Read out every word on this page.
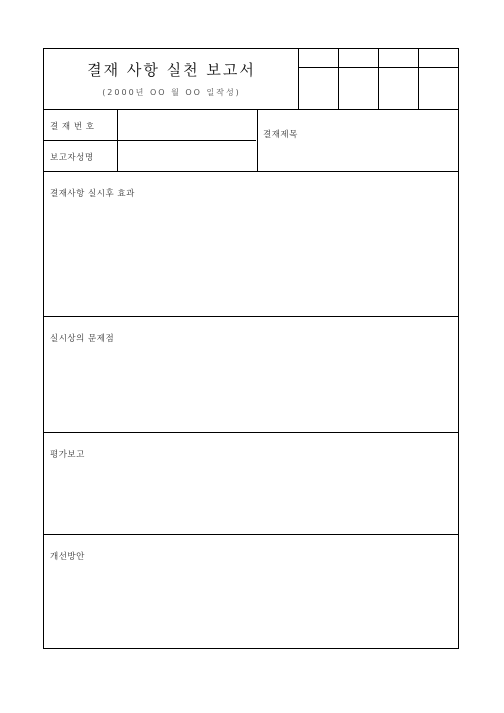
결재 사항 실천 보고서
(2000년 OO 월 OO 일작성)
결 재 번 호
보고자성명
결재제목
결재사항 실시후 효과
실시상의 문제점
평가보고
개선방안
